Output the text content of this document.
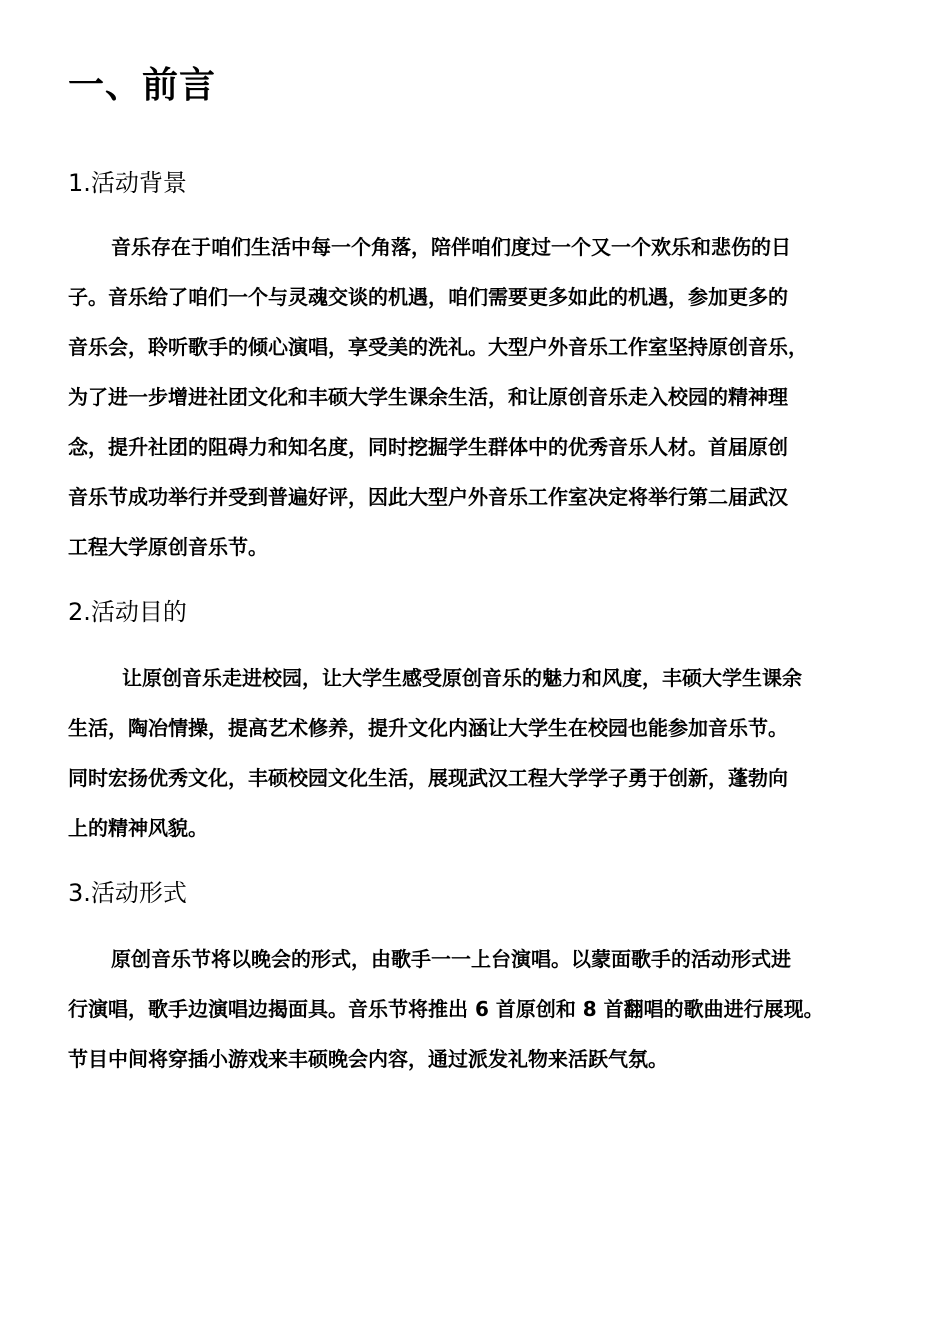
一、前言
1.活动背景
音乐存在于咱们生活中每一个角落，陪伴咱们度过一个又一个欢乐和悲伤的日
子。音乐给了咱们一个与灵魂交谈的机遇，咱们需要更多如此的机遇，参加更多的
音乐会，聆听歌手的倾心演唱，享受美的洗礼。大型户外音乐工作室坚持原创音乐，
为了进一步增进社团文化和丰硕大学生课余生活，和让原创音乐走入校园的精神理
念，提升社团的阻碍力和知名度，同时挖掘学生群体中的优秀音乐人材。首届原创
音乐节成功举行并受到普遍好评，因此大型户外音乐工作室决定将举行第二届武汉
工程大学原创音乐节。
2.活动目的
让原创音乐走进校园，让大学生感受原创音乐的魅力和风度，丰硕大学生课余
生活，陶冶情操，提高艺术修养，提升文化内涵让大学生在校园也能参加音乐节。
同时宏扬优秀文化，丰硕校园文化生活，展现武汉工程大学学子勇于创新，蓬勃向
上的精神风貌。
3.活动形式
原创音乐节将以晚会的形式，由歌手一一上台演唱。以蒙面歌手的活动形式进
行演唱，歌手边演唱边揭面具。音乐节将推出 6 首原创和 8 首翻唱的歌曲进行展现。
节目中间将穿插小游戏来丰硕晚会内容，通过派发礼物来活跃气氛。
